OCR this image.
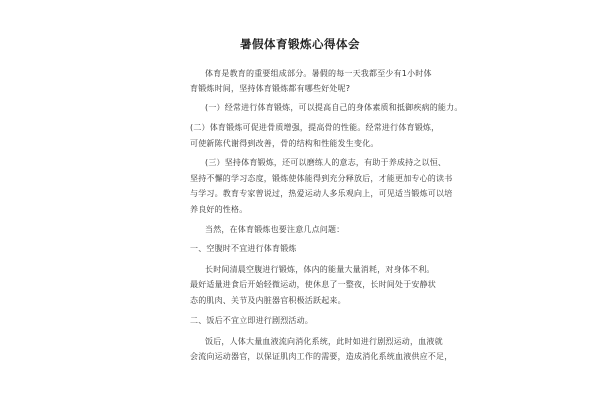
暑假体育锻炼心得体会
体育是教育的重要组成部分。暑假的每一天我都至少有1小时体
育锻炼时间，坚持体育锻炼都有哪些好处呢?
(一）经常进行体育锻炼，可以提高自己的身体素质和抵御疾病的能力。
(二）体育锻炼可促进骨质增强，提高骨的性能。经常进行体育锻炼，
可使新陈代谢得到改善，骨的结构和性能发生变化。
(三）坚持体育锻炼，还可以磨练人的意志，有助于养成持之以恒、
坚持不懈的学习态度，锻炼使体能得到充分释放后，才能更加专心的读书
与学习。教育专家曾说过，热爱运动人多乐观向上，可见适当锻炼可以培
养良好的性格。
当然，在体育锻炼也要注意几点问题：
一、空腹时不宜进行体育锻炼
长时间清晨空腹进行锻炼，体内的能量大量消耗，对身体不利。
最好适量进食后开始轻微运动，使休息了一整夜，长时间处于安静状
态的肌肉、关节及内脏器官积极活跃起来。
二、饭后不宜立即进行剧烈活动。
饭后，人体大量血液流向消化系统，此时如进行剧烈运动，血液就
会流向运动器官，以保证肌肉工作的需要，造成消化系统血液供应不足，
